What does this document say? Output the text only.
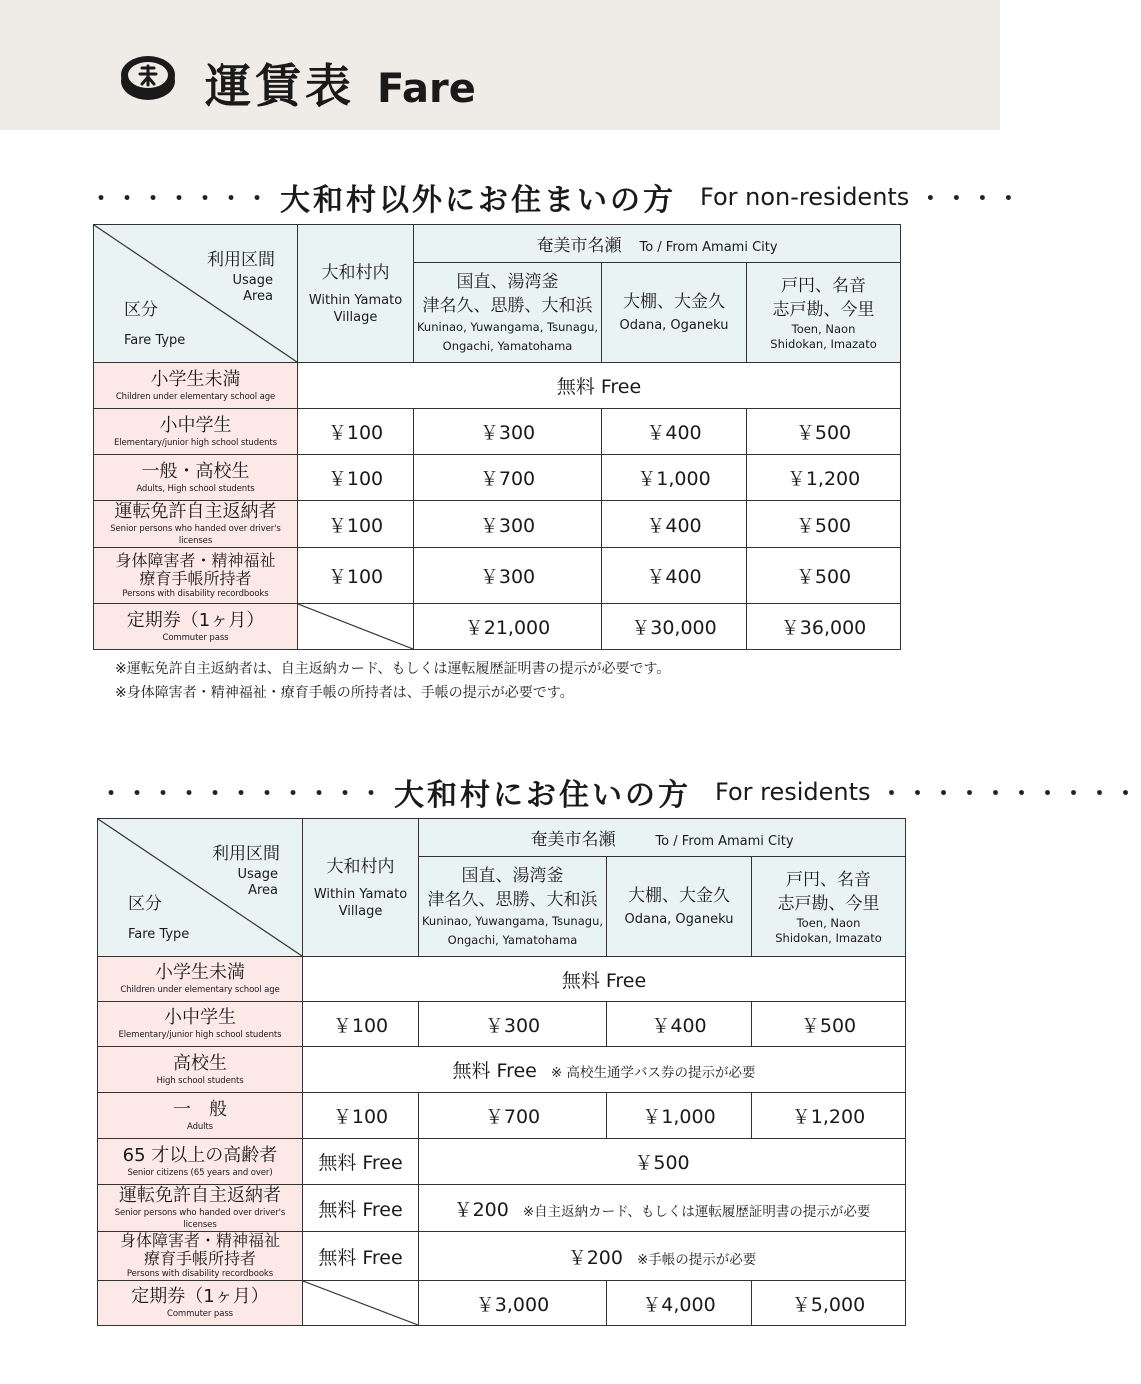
運賃表 Fare
・・・・・・・ 大和村以外にお住まいの方 For non-residents ・・・・
利用区間
Usage
Area
区分
Fare Type	大和村内
Within Yamato
Village	奄美市名瀬 To / From Amami City		

		国直、湯湾釜
津名久、思勝、大和浜
Kuninao, Yuwangama, Tsunagu,
Ongachi, Yamatohama	大棚、大金久
Odana, Oganeku	戸円、名音
志戸勘、今里
Toen, Naon
Shidokan, Imazato

小学生未満
Children under elementary school age	無料 Free			

小中学生
Elementary/junior high school students	￥100	￥300	￥400	￥500

一般・高校生
Adults, High school students	￥100	￥700	￥1,000	￥1,200

運転免許自主返納者
Senior persons who handed over driver's licenses	￥100	￥300	￥400	￥500

身体障害者・精神福祉
療育手帳所持者
Persons with disability recordbooks	￥100	￥300	￥400	￥500

定期券（1ヶ月）
Commuter pass		￥21,000	￥30,000	￥36,000
※運転免許自主返納者は、自主返納カード、もしくは運転履歴証明書の提示が必要です。
※身体障害者・精神福祉・療育手帳の所持者は、手帳の提示が必要です。
・・・・・・・・・・・ 大和村にお住いの方 For residents ・・・・・・・・・・
利用区間
Usage
Area
区分
Fare Type	大和村内
Within Yamato
Village	奄美市名瀬 To / From Amami City		

		国直、湯湾釜
津名久、思勝、大和浜
Kuninao, Yuwangama, Tsunagu,
Ongachi, Yamatohama	大棚、大金久
Odana, Oganeku	戸円、名音
志戸勘、今里
Toen, Naon
Shidokan, Imazato

小学生未満
Children under elementary school age	無料 Free			

小中学生
Elementary/junior high school students	￥100	￥300	￥400	￥500

高校生
High school students	無料 Free ※ 高校生通学バス券の提示が必要			

一　般
Adults	￥100	￥700	￥1,000	￥1,200

65 才以上の高齢者
Senior citizens (65 years and over)	無料 Free	￥500		

運転免許自主返納者
Senior persons who handed over driver's licenses	無料 Free	￥200 ※自主返納カード、もしくは運転履歴証明書の提示が必要		

身体障害者・精神福祉
療育手帳所持者
Persons with disability recordbooks	無料 Free	￥200 ※手帳の提示が必要		

定期券（1ヶ月）
Commuter pass		￥3,000	￥4,000	￥5,000
